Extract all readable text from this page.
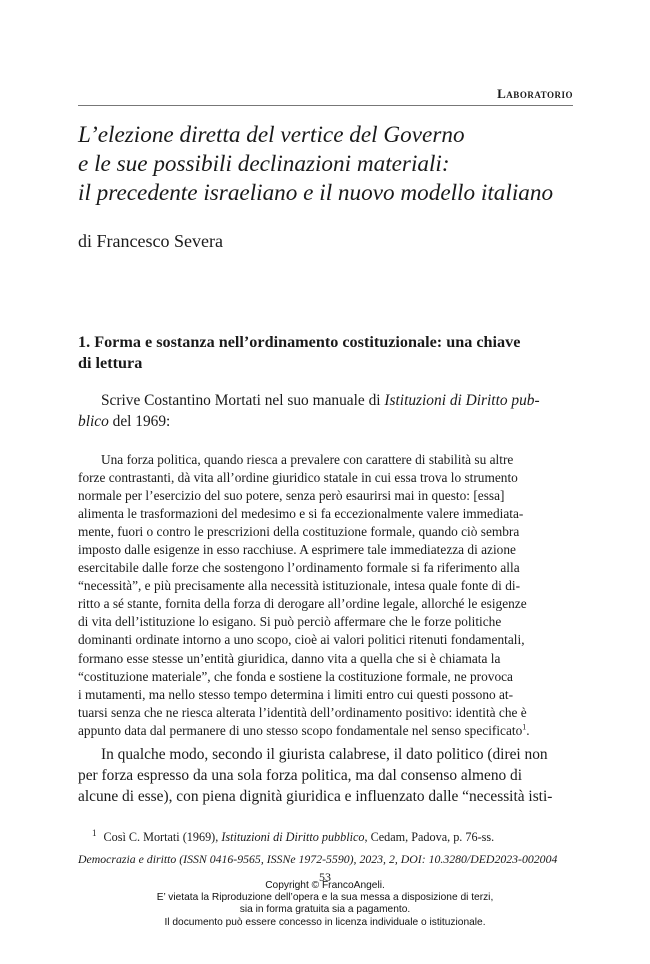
Laboratorio
L’elezione diretta del vertice del Governo
e le sue possibili declinazioni materiali:
il precedente israeliano e il nuovo modello italiano
di Francesco Severa
1. Forma e sostanza nell’ordinamento costituzionale: una chiave
di lettura
Scrive Costantino Mortati nel suo manuale di Istituzioni di Diritto pub-
blico del 1969:
Una forza politica, quando riesca a prevalere con carattere di stabilità su altre
forze contrastanti, dà vita all’ordine giuridico statale in cui essa trova lo strumento
normale per l’esercizio del suo potere, senza però esaurirsi mai in questo: [essa]
alimenta le trasformazioni del medesimo e si fa eccezionalmente valere immediata-
mente, fuori o contro le prescrizioni della costituzione formale, quando ciò sembra
imposto dalle esigenze in esso racchiuse. A esprimere tale immediatezza di azione
esercitabile dalle forze che sostengono l’ordinamento formale si fa riferimento alla
“necessità”, e più precisamente alla necessità istituzionale, intesa quale fonte di di-
ritto a sé stante, fornita della forza di derogare all’ordine legale, allorché le esigenze
di vita dell’istituzione lo esigano. Si può perciò affermare che le forze politiche
dominanti ordinate intorno a uno scopo, cioè ai valori politici ritenuti fondamentali,
formano esse stesse un’entità giuridica, danno vita a quella che si è chiamata la
“costituzione materiale”, che fonda e sostiene la costituzione formale, ne provoca
i mutamenti, ma nello stesso tempo determina i limiti entro cui questi possono at-
tuarsi senza che ne riesca alterata l’identità dell’ordinamento positivo: identità che è
appunto data dal permanere di uno stesso scopo fondamentale nel senso specificato$^1$.
In qualche modo, secondo il giurista calabrese, il dato politico (direi non
per forza espresso da una sola forza politica, ma dal consenso almeno di
alcune di esse), con piena dignità giuridica e influenzato dalle “necessità isti-
$^1$ Così C. Mortati (1969), Istituzioni di Diritto pubblico, Cedam, Padova, p. 76-ss.
Democrazia e diritto (ISSN 0416-9565, ISSNe 1972-5590), 2023, 2, DOI: 10.3280/DED2023-002004
53
Copyright © FrancoAngeli.
E’ vietata la Riproduzione dell’opera e la sua messa a disposizione di terzi,
sia in forma gratuita sia a pagamento.
Il documento può essere concesso in licenza individuale o istituzionale.
